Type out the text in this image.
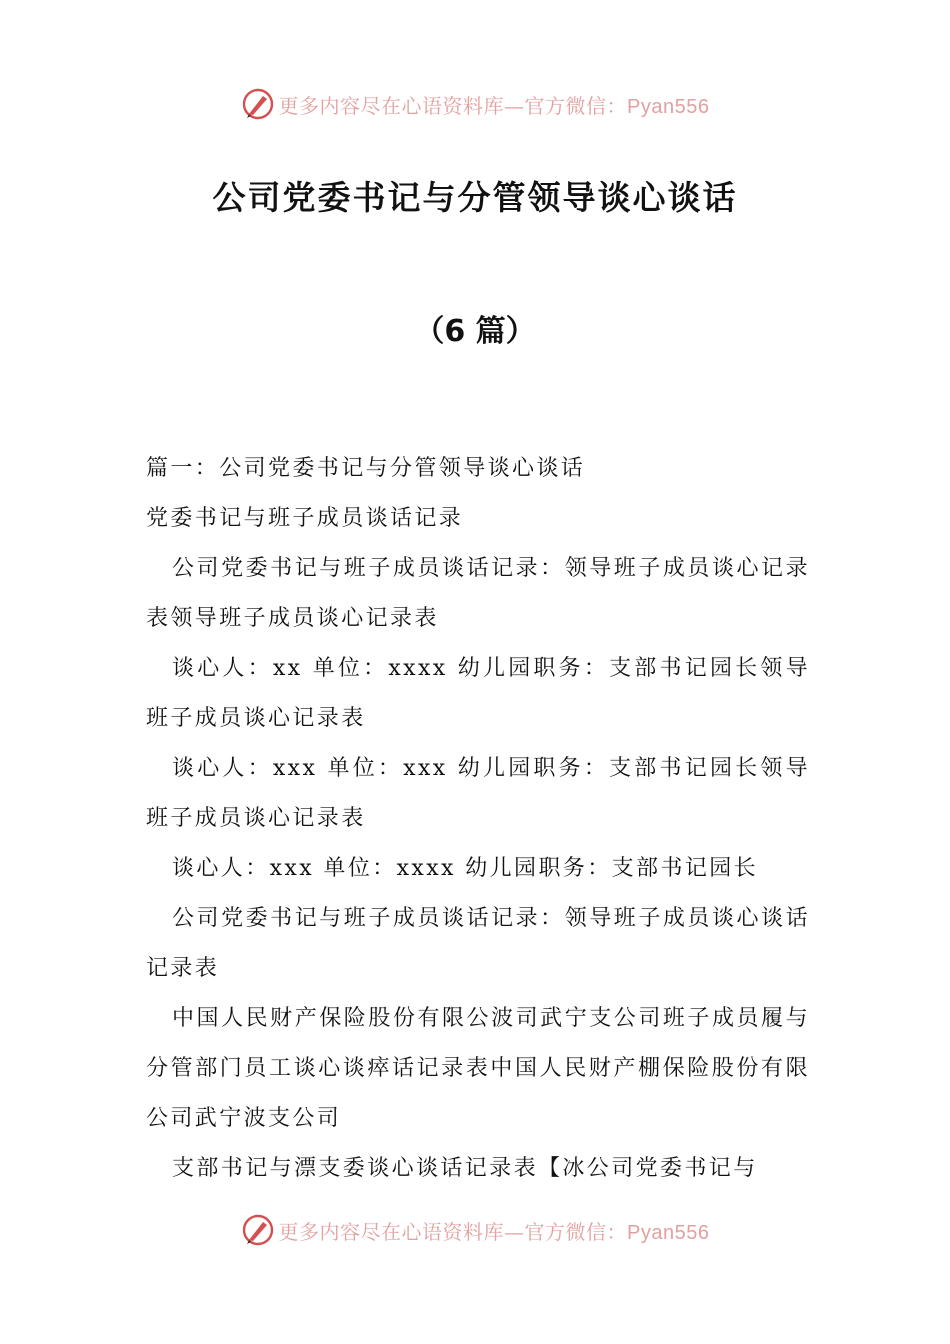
更多内容尽在心语资料库—官方微信：Pyan556
公司党委书记与分管领导谈心谈话
（6 篇）

篇一：公司党委书记与分管领导谈心谈话

党委书记与班子成员谈话记录

公司党委书记与班子成员谈话记录：领导班子成员谈心记录表领导班子成员谈心记录表

谈心人：xx 单位：xxxx 幼儿园职务：支部书记园长领导班子成员谈心记录表

谈心人：xxx 单位：xxx 幼儿园职务：支部书记园长领导班子成员谈心记录表

谈心人：xxx 单位：xxxx 幼儿园职务：支部书记园长

公司党委书记与班子成员谈话记录：领导班子成员谈心谈话记录表

中国人民财产保险股份有限公波司武宁支公司班子成员履与分管部门员工谈心谈瘁话记录表中国人民财产棚保险股份有限公司武宁波支公司

支部书记与漂支委谈心谈话记录表【冰公司党委书记与

更多内容尽在心语资料库—官方微信：Pyan556
